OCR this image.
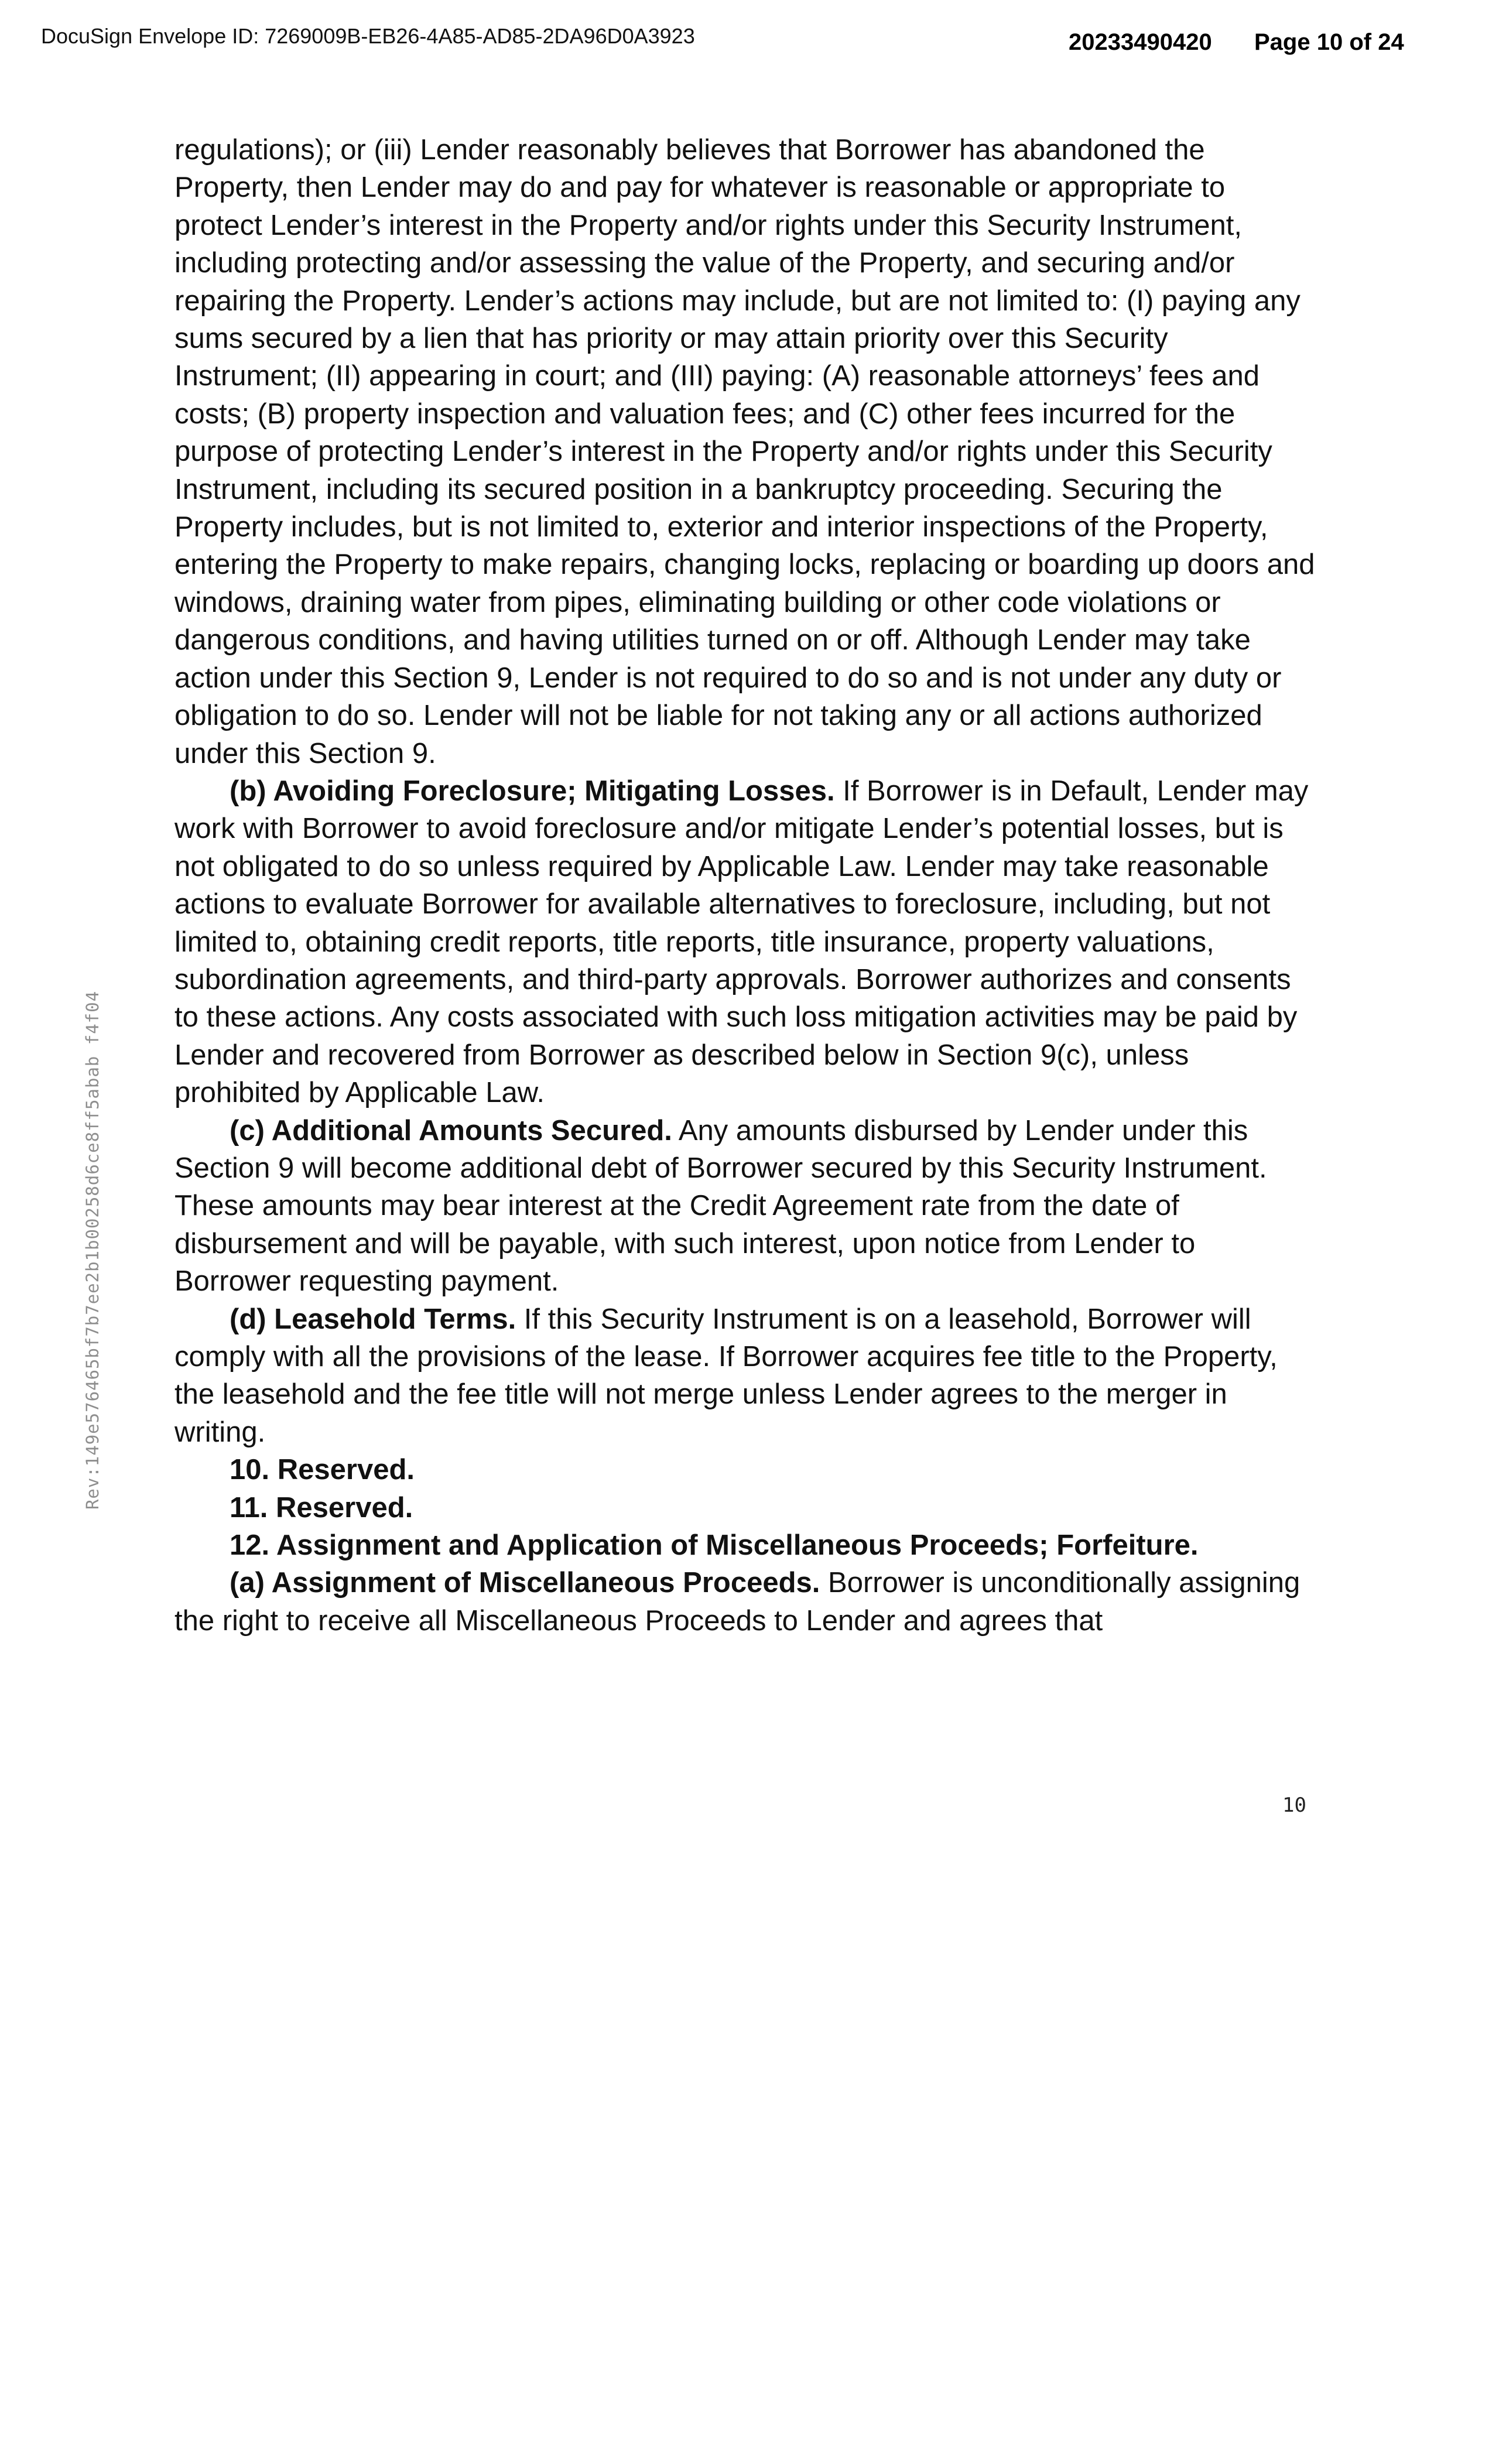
DocuSign Envelope ID: 7269009B-EB26-4A85-AD85-2DA96D0A3923	20233490420 Page 10 of 24
Rev:149e576465bf7b7ee2b1b00258d6ce8ff5abab f4f04

regulations); or (iii) Lender reasonably believes that Borrower has abandoned the Property, then Lender may do and pay for whatever is reasonable or appropriate to protect Lender’s interest in the Property and/or rights under this Security Instrument, including protecting and/or assessing the value of the Property, and securing and/or repairing the Property. Lender’s actions may include, but are not limited to: (I) paying any sums secured by a lien that has priority or may attain priority over this Security Instrument; (II) appearing in court; and (III) paying: (A) reasonable attorneys’ fees and costs; (B) property inspection and valuation fees; and (C) other fees incurred for the purpose of protecting Lender’s interest in the Property and/or rights under this Security Instrument, including its secured position in a bankruptcy proceeding. Securing the Property includes, but is not limited to, exterior and interior inspections of the Property, entering the Property to make repairs, changing locks, replacing or boarding up doors and windows, draining water from pipes, eliminating building or other code violations or dangerous conditions, and having utilities turned on or off. Although Lender may take action under this Section 9, Lender is not required to do so and is not under any duty or obligation to do so. Lender will not be liable for not taking any or all actions authorized under this Section 9.

(b) Avoiding Foreclosure; Mitigating Losses. If Borrower is in Default, Lender may work with Borrower to avoid foreclosure and/or mitigate Lender’s potential losses, but is not obligated to do so unless required by Applicable Law. Lender may take reasonable actions to evaluate Borrower for available alternatives to foreclosure, including, but not limited to, obtaining credit reports, title reports, title insurance, property valuations, subordination agreements, and third-party approvals. Borrower authorizes and consents to these actions. Any costs associated with such loss mitigation activities may be paid by Lender and recovered from Borrower as described below in Section 9(c), unless prohibited by Applicable Law.

(c) Additional Amounts Secured. Any amounts disbursed by Lender under this Section 9 will become additional debt of Borrower secured by this Security Instrument. These amounts may bear interest at the Credit Agreement rate from the date of disbursement and will be payable, with such interest, upon notice from Lender to Borrower requesting payment.

(d) Leasehold Terms. If this Security Instrument is on a leasehold, Borrower will comply with all the provisions of the lease. If Borrower acquires fee title to the Property, the leasehold and the fee title will not merge unless Lender agrees to the merger in writing.

10. Reserved.

11. Reserved.

12. Assignment and Application of Miscellaneous Proceeds; Forfeiture.

(a) Assignment of Miscellaneous Proceeds. Borrower is unconditionally assigning the right to receive all Miscellaneous Proceeds to Lender and agrees that

10
